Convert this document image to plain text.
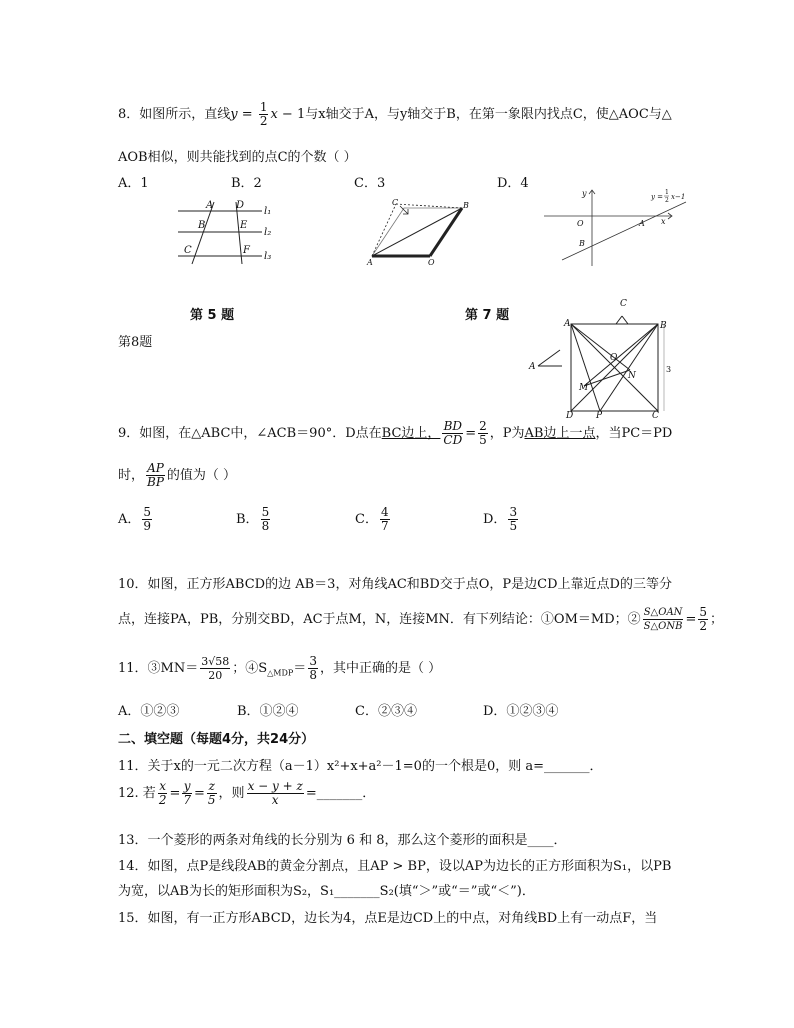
8．如图所示，直线$y = \frac{1}{2}$ x − 1与x轴交于A，与y轴交于B，在第一象限内找点C，使△AOC与△
AOB相似，则共能找到的点C的个数（ ）
A．1	B．2	C．3	D．4
A D
B	E
C	F
l₁
l₂
l₃
C	B
A	O
y
x
O	A
B
y =
1
2 x−1
第 5 题	第 7 题
第8题
C
A	B
O
M
N
D	P	C
A	3
9．如图，在△ABC中，∠ACB＝90°．D点在BC边上， $\frac{BD}{CD} = \frac{2}{5}$ ，P为AB边上一点，当PC＝PD
时， $\frac{AP}{BP}$ 的值为（ ）
A． $\frac{5}{9}$	B． $\frac{5}{8}$	C． $\frac{4}{7}$	D． $\frac{3}{5}$
10．如图，正方形ABCD的边 AB＝3，对角线AC和BD交于点O，P是边CD上靠近点D的三等分
点，连接PA，PB，分别交BD，AC于点M，N，连接MN．有下列结论：①OM＝MD；② $\frac{\text{S△OAN}}{\text{S△ONB}} = \frac{5}{2}$ ；
11．③MN＝ $\frac{3√58}{20}$ ；$④S_{\triangle MDP}= \frac{3}{8}$ ，其中正确的是（ ）
A．①②③	B．①②④	C．②③④	D．①②③④
二、填空题（每题4分，共24分）
11．关于x的一元二次方程（a－1）x²+x+a²－1=0的一个根是0，则 a=_______．
12. 若 $\frac{x}{2} = \frac{y}{7} = \frac{z}{5}$ ，则 $\frac{x - y + z}{x}$ =_______．
13．一个菱形的两条对角线的长分别为 6 和 8，那么这个菱形的面积是____．
14．如图，点P是线段AB的黄金分割点，且AP > BP，设以AP为边长的正方形面积为S₁，以PB
为宽，以AB为长的矩形面积为S₂，S₁_______S₂(填“＞”或“＝”或“＜”)．
15．如图，有一正方形ABCD，边长为4，点E是边CD上的中点，对角线BD上有一动点F，当
